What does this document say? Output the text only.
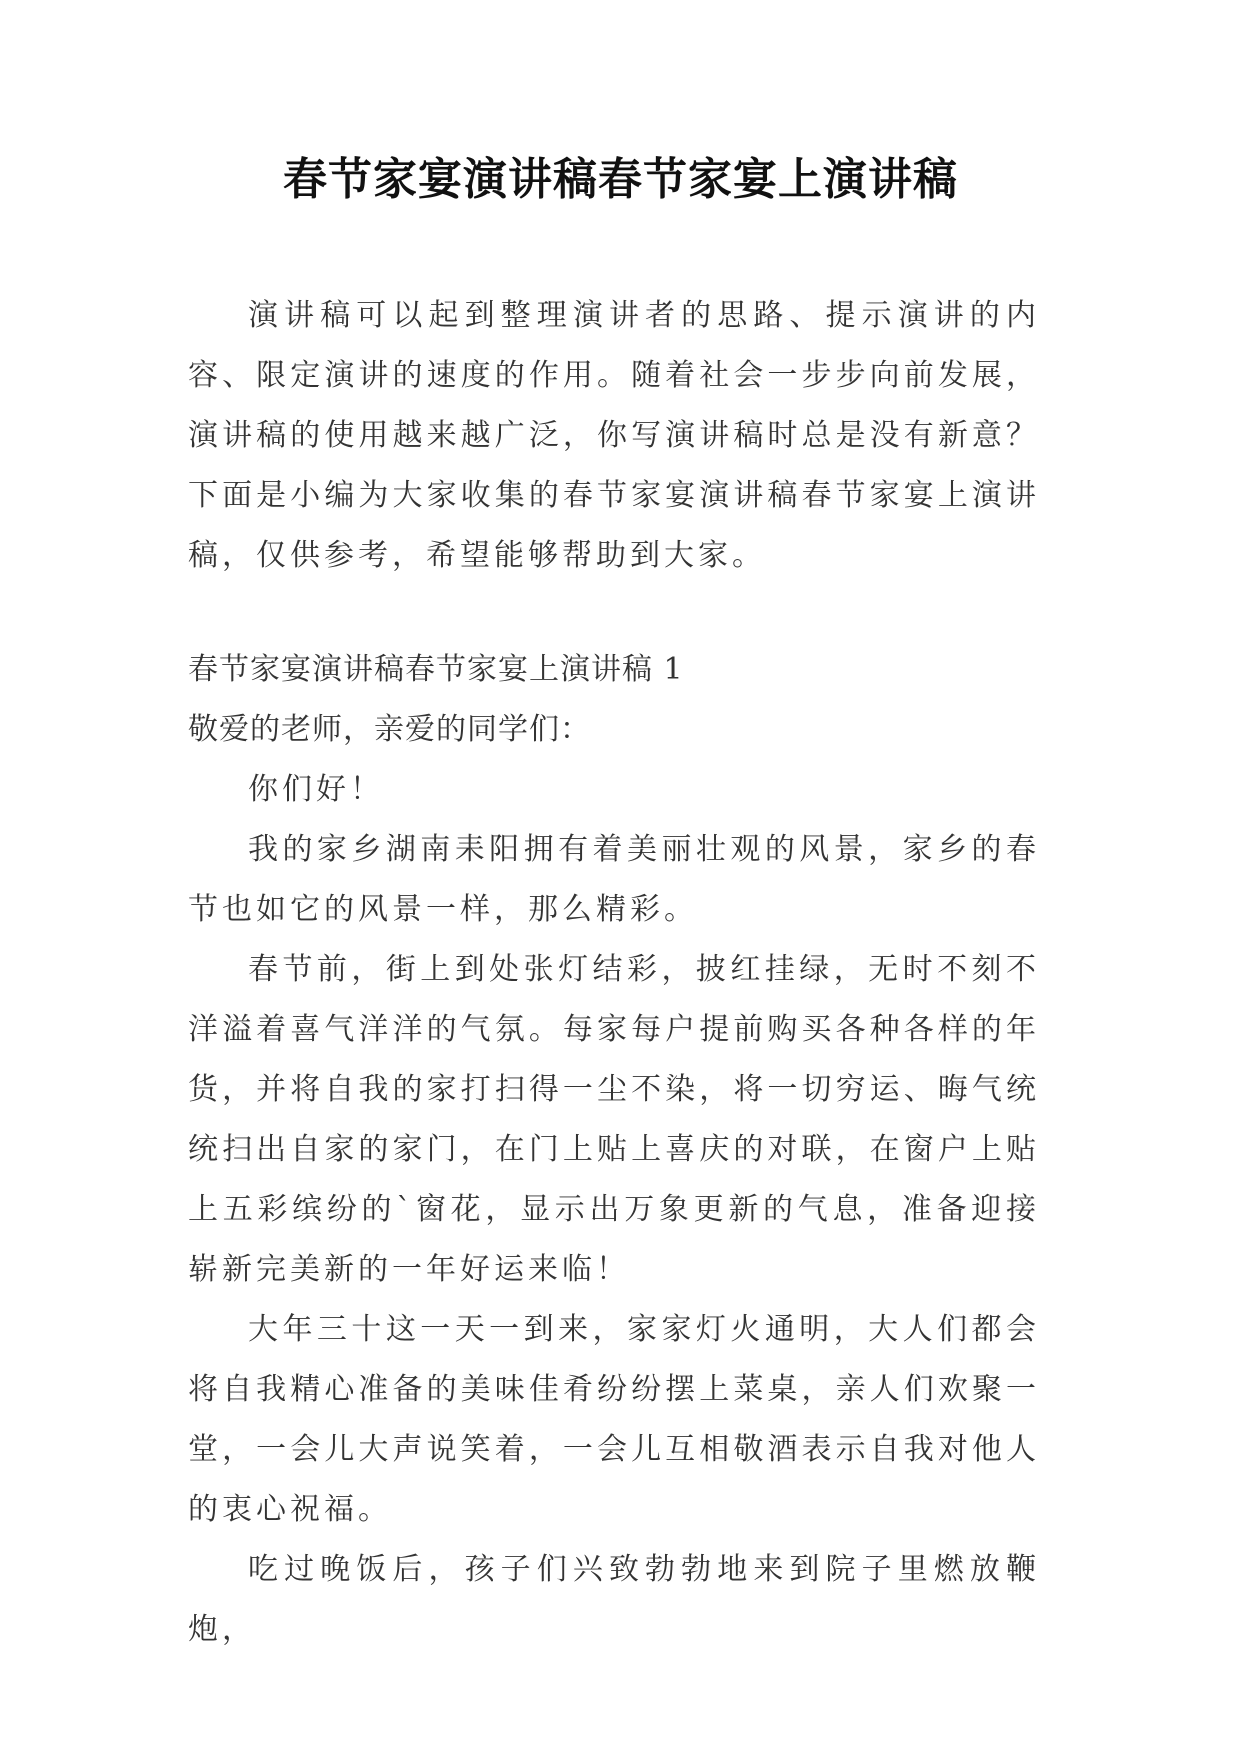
春节家宴演讲稿春节家宴上演讲稿

演讲稿可以起到整理演讲者的思路、提示演讲的内容、限定演讲的速度的作用。随着社会一步步向前发展，演讲稿的使用越来越广泛，你写演讲稿时总是没有新意？下面是小编为大家收集的春节家宴演讲稿春节家宴上演讲稿，仅供参考，希望能够帮助到大家。

春节家宴演讲稿春节家宴上演讲稿 1

敬爱的老师，亲爱的同学们：

你们好！

我的家乡湖南耒阳拥有着美丽壮观的风景，家乡的春节也如它的风景一样，那么精彩。

春节前，街上到处张灯结彩，披红挂绿，无时不刻不洋溢着喜气洋洋的气氛。每家每户提前购买各种各样的年货，并将自我的家打扫得一尘不染，将一切穷运、晦气统统扫出自家的家门，在门上贴上喜庆的对联，在窗户上贴上五彩缤纷的`窗花，显示出万象更新的气息，准备迎接崭新完美新的一年好运来临！

大年三十这一天一到来，家家灯火通明，大人们都会将自我精心准备的美味佳肴纷纷摆上菜桌，亲人们欢聚一堂，一会儿大声说笑着，一会儿互相敬酒表示自我对他人的衷心祝福。

吃过晚饭后，孩子们兴致勃勃地来到院子里燃放鞭炮，
